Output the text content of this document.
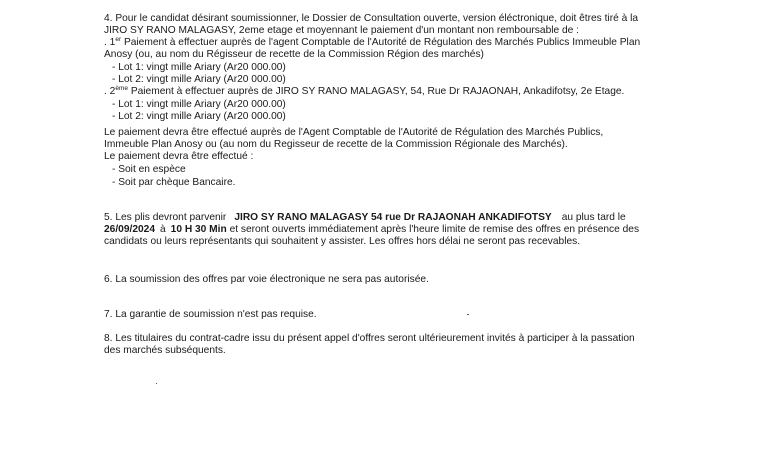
4. Pour le candidat désirant soumissionner, le Dossier de Consultation ouverte, version éléctronique, doit êtres tiré à la
JIRO SY RANO MALAGASY, 2eme etage et moyennant le paiement d'un montant non remboursable de :
. 1er Paiement à effectuer auprès de l'agent Comptable de l'Autorité de Régulation des Marchés Publics Immeuble Plan
Anosy (ou, au nom du Régisseur de recette de la Commission Région des marchés)
- Lot 1: vingt mille Ariary (Ar20 000.00)
- Lot 2: vingt mille Ariary (Ar20 000.00)
. 2ème Paiement à effectuer auprès de JIRO SY RANO MALAGASY, 54, Rue Dr RAJAONAH, Ankadifotsy, 2e Etage.
- Lot 1: vingt mille Ariary (Ar20 000.00)
- Lot 2: vingt mille Ariary (Ar20 000.00)
Le paiement devra être effectué auprès de l'Agent Comptable de l'Autorité de Régulation des Marchés Publics,
Immeuble Plan Anosy ou (au nom du Regisseur de recette de la Commission Régionale des Marchés).
Le paiement devra être effectué :
- Soit en espèce
- Soit par chèque Bancaire.
5. Les plis devront parvenir JIRO SY RANO MALAGASY 54 rue Dr RAJAONAH ANKADIFOTSY au plus tard le
26/09/2024 à 10 H 30 Min et seront ouverts immédiatement après l'heure limite de remise des offres en présence des
candidats ou leurs représentants qui souhaitent y assister. Les offres hors délai ne seront pas recevables.
6. La soumission des offres par voie électronique ne sera pas autorisée.
7. La garantie de soumission n'est pas requise.
8. Les titulaires du contrat-cadre issu du présent appel d'offres seront ultérieurement invités à participer à la passation
des marchés subséquents.
